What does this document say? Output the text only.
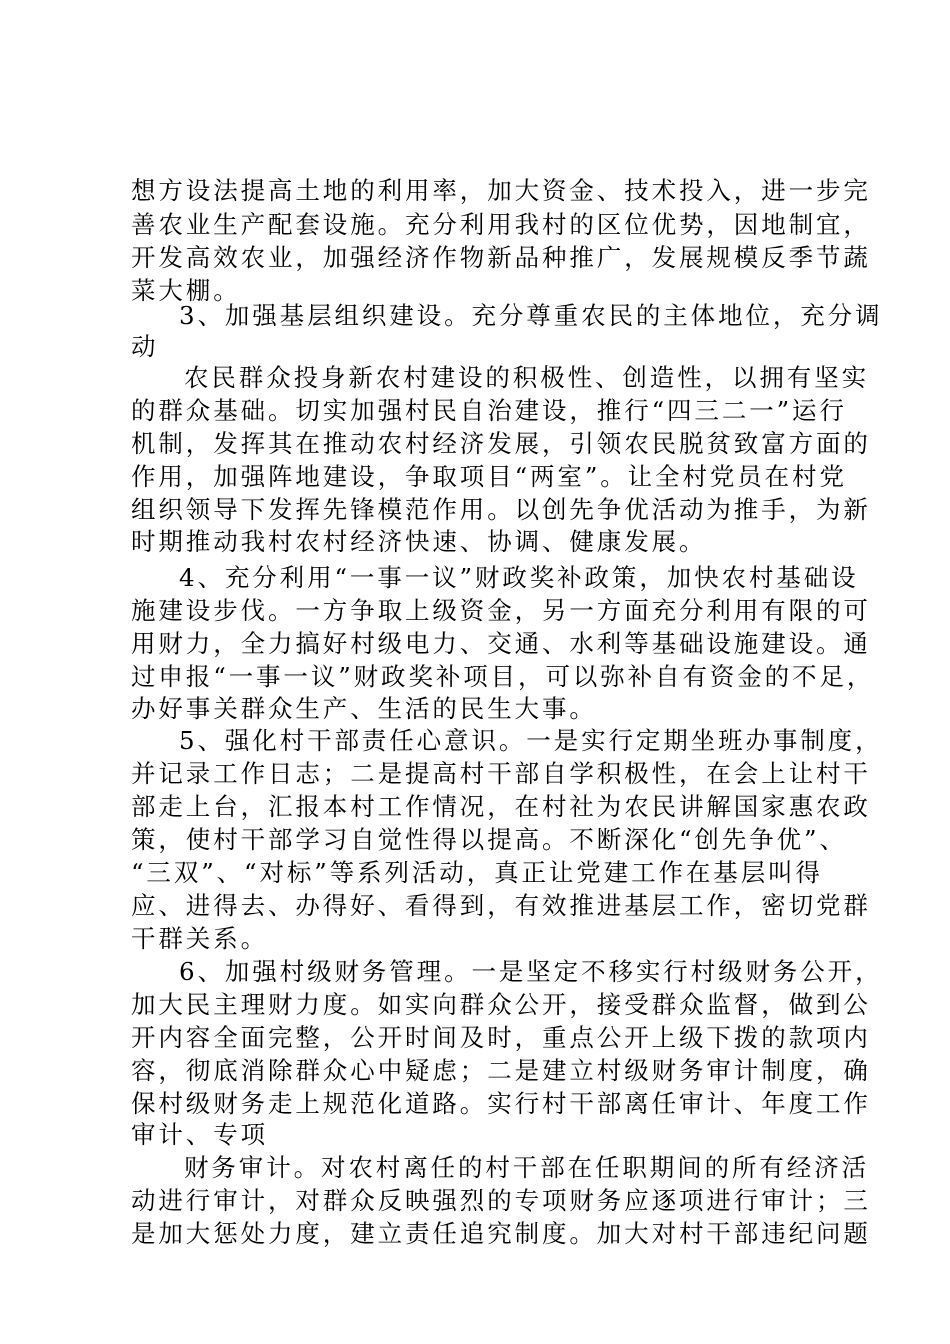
想方设法提高土地的利用率，加大资金、技术投入，进一步完
善农业生产配套设施。充分利用我村的区位优势，因地制宜，
开发高效农业，加强经济作物新品种推广，发展规模反季节蔬
菜大棚。
3、加强基层组织建设。充分尊重农民的主体地位，充分调
动
农民群众投身新农村建设的积极性、创造性，以拥有坚实
的群众基础。切实加强村民自治建设，推行“四三二一”运行
机制，发挥其在推动农村经济发展，引领农民脱贫致富方面的
作用，加强阵地建设，争取项目“两室”。让全村党员在村党
组织领导下发挥先锋模范作用。以创先争优活动为推手，为新
时期推动我村农村经济快速、协调、健康发展。
4、充分利用“一事一议”财政奖补政策，加快农村基础设
施建设步伐。一方争取上级资金，另一方面充分利用有限的可
用财力，全力搞好村级电力、交通、水利等基础设施建设。通
过申报“一事一议”财政奖补项目，可以弥补自有资金的不足，
办好事关群众生产、生活的民生大事。
5、强化村干部责任心意识。一是实行定期坐班办事制度，
并记录工作日志；二是提高村干部自学积极性，在会上让村干
部走上台，汇报本村工作情况，在村社为农民讲解国家惠农政
策，使村干部学习自觉性得以提高。不断深化“创先争优”、
“三双”、“对标”等系列活动，真正让党建工作在基层叫得
应、进得去、办得好、看得到，有效推进基层工作，密切党群
干群关系。
6、加强村级财务管理。一是坚定不移实行村级财务公开，
加大民主理财力度。如实向群众公开，接受群众监督，做到公
开内容全面完整，公开时间及时，重点公开上级下拨的款项内
容，彻底消除群众心中疑虑；二是建立村级财务审计制度，确
保村级财务走上规范化道路。实行村干部离任审计、年度工作
审计、专项
财务审计。对农村离任的村干部在任职期间的所有经济活
动进行审计，对群众反映强烈的专项财务应逐项进行审计；三
是加大惩处力度，建立责任追究制度。加大对村干部违纪问题
